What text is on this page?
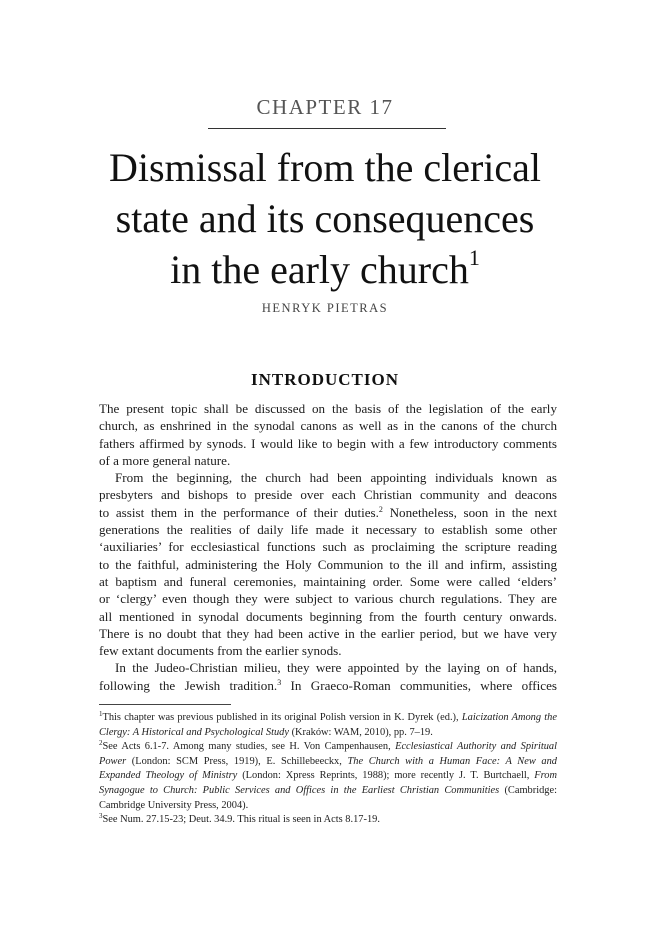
CHAPTER 17
Dismissal from the clerical
state and its consequences
in the early church$^1$
HENRYK PIETRAS
INTRODUCTION
The present topic shall be discussed on the basis of the legislation of the early
church, as enshrined in the synodal canons as well as in the canons of the church
fathers affirmed by synods. I would like to begin with a few introductory comments
of a more general nature.
From the beginning, the church had been appointing individuals known as
presbyters and bishops to preside over each Christian community and deacons
to assist them in the performance of their duties.$^2$ Nonetheless, soon in the next
generations the realities of daily life made it necessary to establish some other
‘auxiliaries’ for ecclesiastical functions such as proclaiming the scripture reading
to the faithful, administering the Holy Communion to the ill and infirm, assisting
at baptism and funeral ceremonies, maintaining order. Some were called ‘elders’
or ‘clergy’ even though they were subject to various church regulations. They are
all mentioned in synodal documents beginning from the fourth century onwards.
There is no doubt that they had been active in the earlier period, but we have very
few extant documents from the earlier synods.
In the Judeo-Christian milieu, they were appointed by the laying on of hands,
following the Jewish tradition.$^3$ In Graeco-Roman communities, where offices
$^1$This chapter was previous published in its original Polish version in K. Dyrek (ed.), Laicization Among the
Clergy: A Historical and Psychological Study (Kraków: WAM, 2010), pp. 7–19.
$^2$See Acts 6.1-7. Among many studies, see H. Von Campenhausen, Ecclesiastical Authority and Spiritual
Power (London: SCM Press, 1919), E. Schillebeeckx, The Church with a Human Face: A New and
Expanded Theology of Ministry (London: Xpress Reprints, 1988); more recently J. T. Burtchaell, From
Synagogue to Church: Public Services and Offices in the Earliest Christian Communities (Cambridge:
Cambridge University Press, 2004).
$^3$See Num. 27.15-23; Deut. 34.9. This ritual is seen in Acts 8.17-19.
